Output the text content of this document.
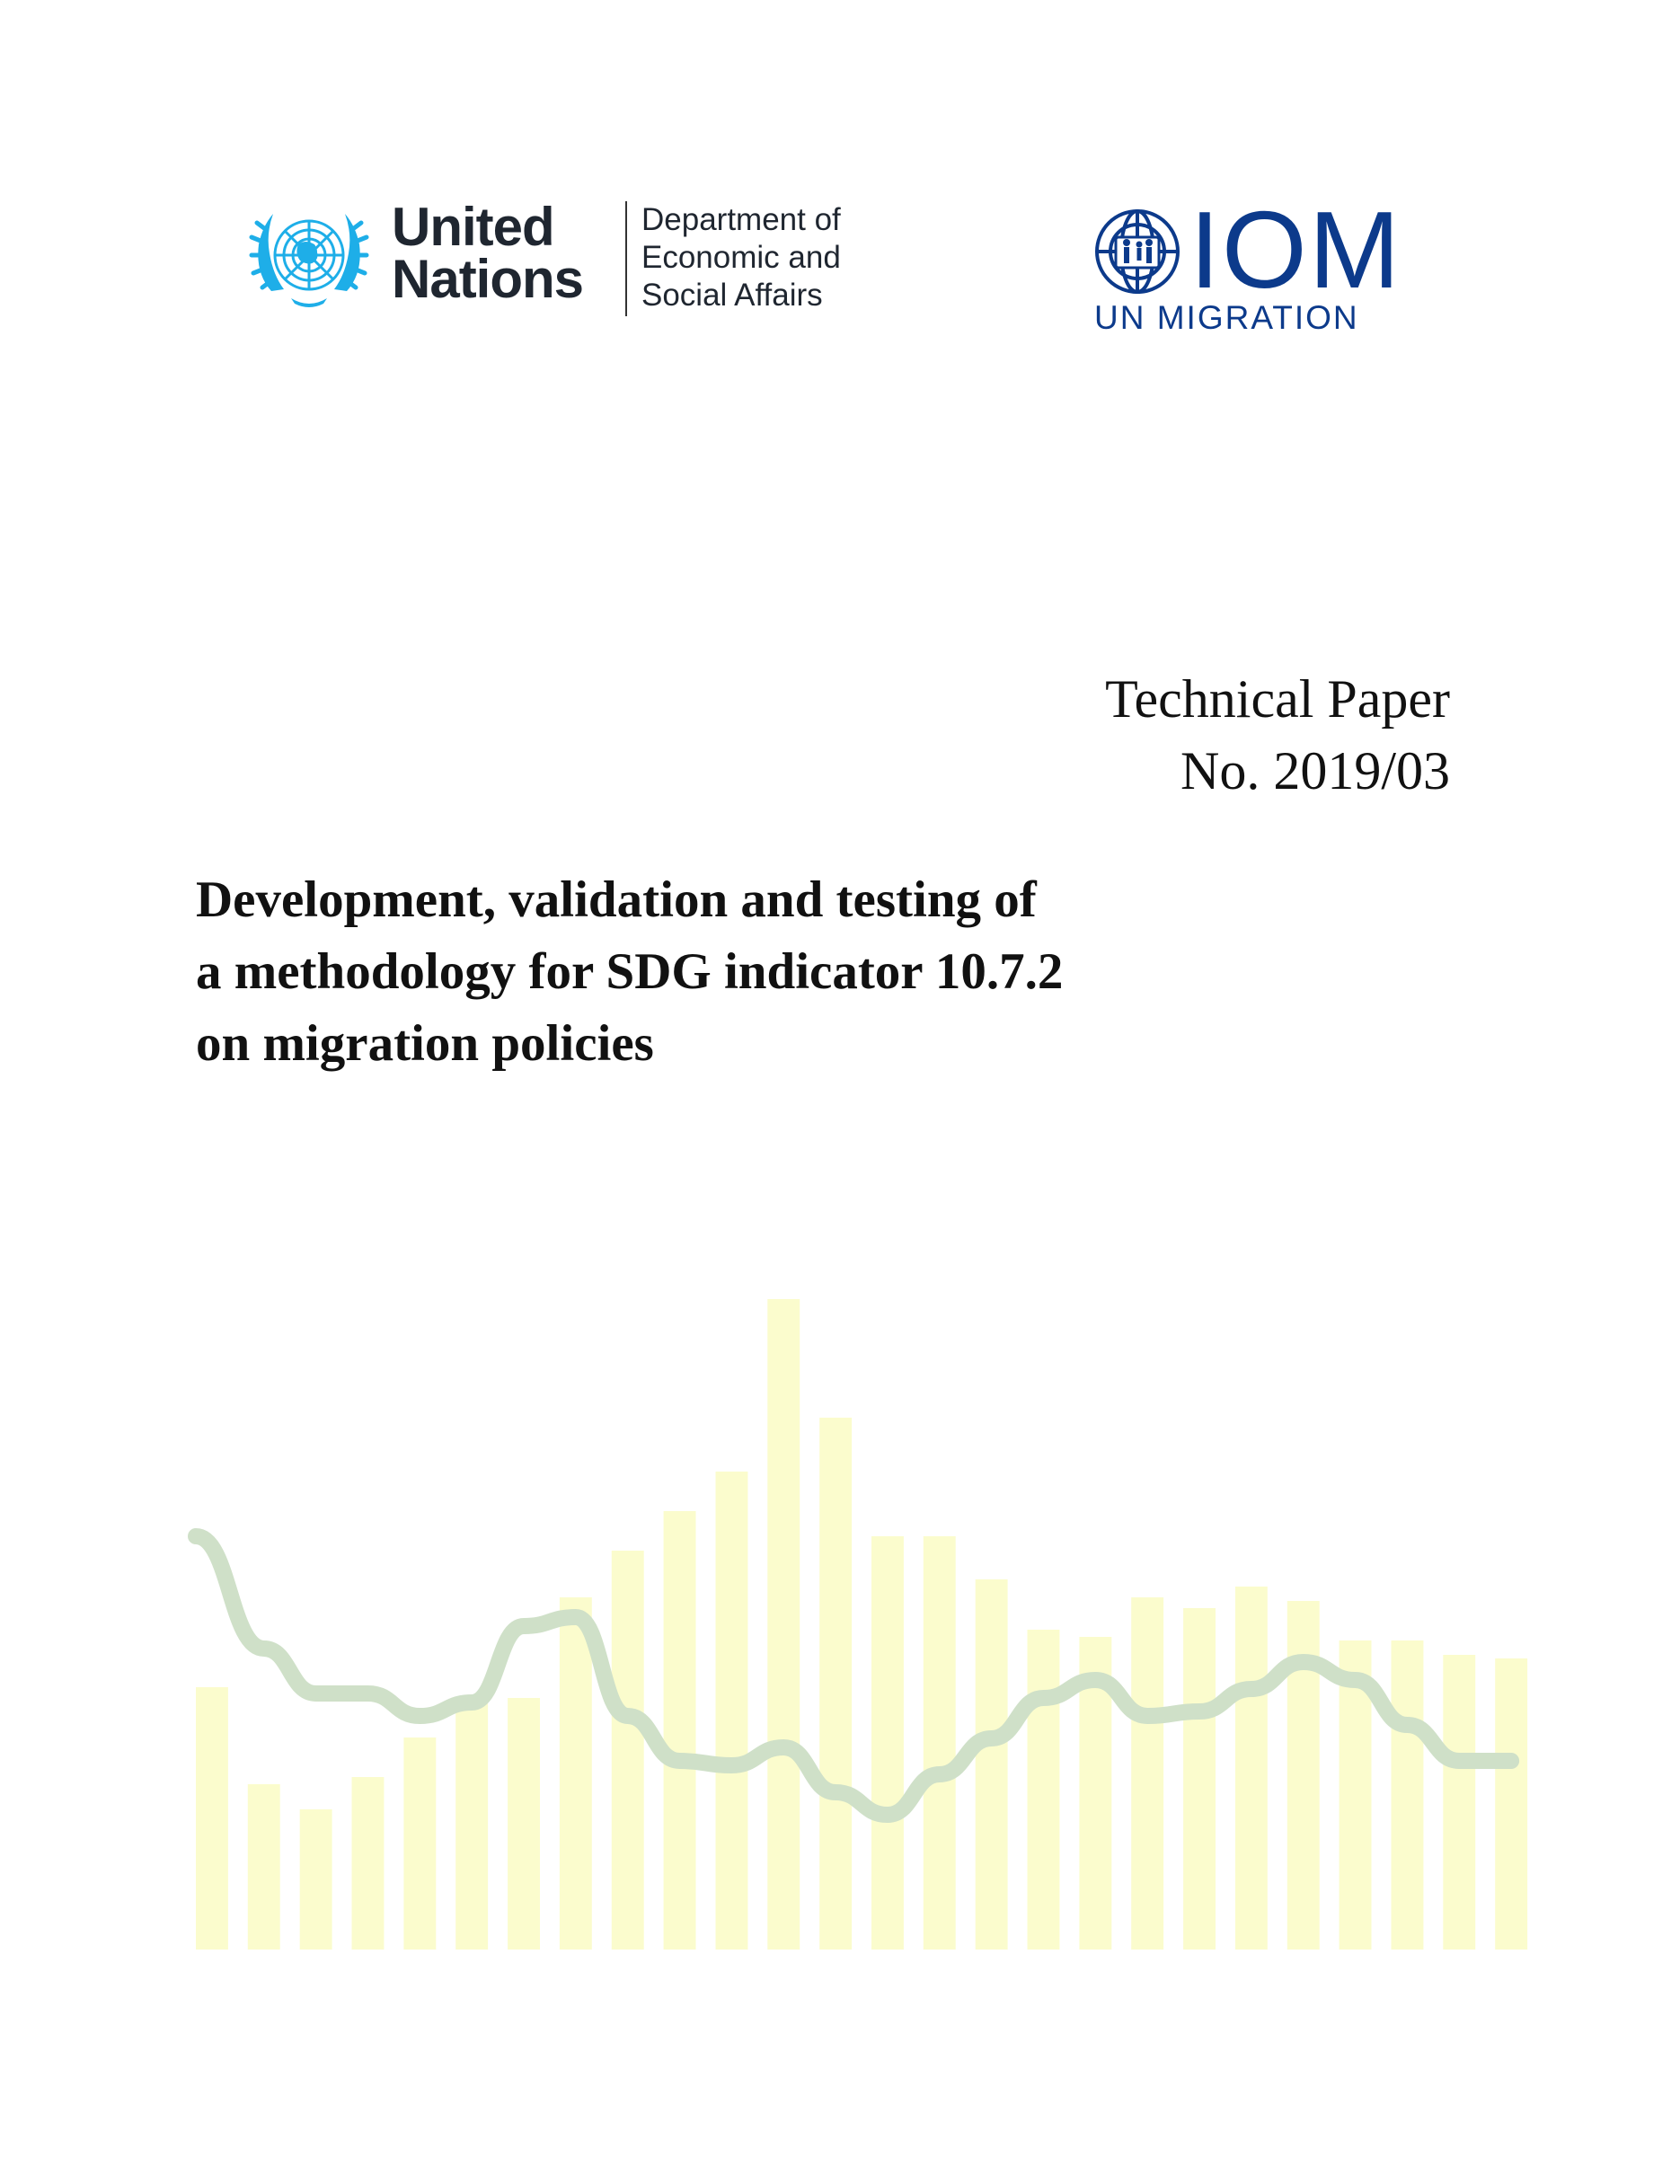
United
Nations
Department of
Economic and
Social Affairs	IOM
UN MIGRATION
Technical Paper
No. 2019/03
Development, validation and testing of
a methodology for SDG indicator 10.7.2
on migration policies
